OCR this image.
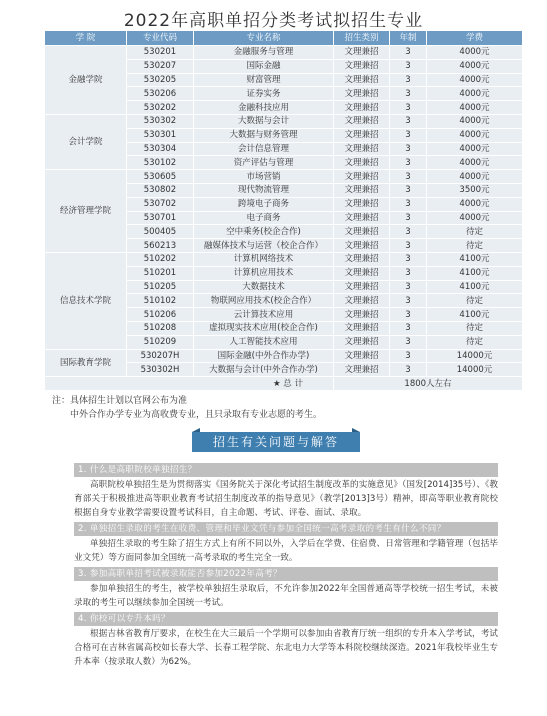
2022年高职单招分类考试拟招生专业
学 院	专业代码	专业名称	招生类别	年制	学费
金融学院	530201	金融服务与管理	文理兼招	3	4000元
	530207	国际金融	文理兼招	3	4000元
	530205	财富管理	文理兼招	3	4000元
	530206	证券实务	文理兼招	3	4000元
	530202	金融科技应用	文理兼招	3	4000元
会计学院	530302	大数据与会计	文理兼招	3	4000元
	530301	大数据与财务管理	文理兼招	3	4000元
	530304	会计信息管理	文理兼招	3	4000元
	530102	资产评估与管理	文理兼招	3	4000元
经济管理学院	530605	市场营销	文理兼招	3	4000元
	530802	现代物流管理	文理兼招	3	3500元
	530702	跨境电子商务	文理兼招	3	4000元
	530701	电子商务	文理兼招	3	4000元
	500405	空中乘务(校企合作)	文理兼招	3	待定
	560213	融媒体技术与运营（校企合作）	文理兼招	3	待定
信息技术学院	510202	计算机网络技术	文理兼招	3	4100元
	510201	计算机应用技术	文理兼招	3	4100元
	510205	大数据技术	文理兼招	3	4100元
	510102	物联网应用技术(校企合作）	文理兼招	3	待定
	510206	云计算技术应用	文理兼招	3	4100元
	510208	虚拟现实技术应用(校企合作)	文理兼招	3	待定
	510209	人工智能技术应用	文理兼招	3	待定
国际教育学院	530207H	国际金融(中外合作办学)	文理兼招	3	14000元
	530302H	大数据与会计(中外合作办学)	文理兼招	3	14000元
★ 总 计			1800人左右		
注：具体招生计划以官网公布为准
中外合作办学专业为高收费专业，且只录取有专业志愿的考生。
招生有关问题与解答
1. 什么是高职院校单独招生？
高职院校单独招生是为贯彻落实《国务院关于深化考试招生制度改革的实施意见》（国发[2014]35号）、《教育部关于积极推进高等职业教育考试招生制度改革的指导意见》（教学[2013]3号）精神，即高等职业教育院校根据自身专业教学需要设置考试科目，自主命题、考试、评卷、面试、录取。
2. 单独招生录取的考生在收费、管理和毕业文凭与参加全国统一高考录取的考生有什么不同？
单独招生录取的考生除了招生方式上有所不同以外，入学后在学费、住宿费、日常管理和学籍管理（包括毕业文凭）等方面同参加全国统一高考录取的考生完全一致。
3. 参加高职单招考试被录取能否参加2022年高考？
参加单独招生的考生，被学校单独招生录取后，不允许参加2022年全国普通高等学校统一招生考试，未被录取的考生可以继续参加全国统一考试。
4. 你校可以专升本吗？
根据吉林省教育厅要求，在校生在大三最后一个学期可以参加由省教育厅统一组织的专升本入学考试，考试合格可在吉林省属高校如长春大学、长春工程学院、东北电力大学等本科院校继续深造。2021年我校毕业生专升本率（按录取人数）为62%。
